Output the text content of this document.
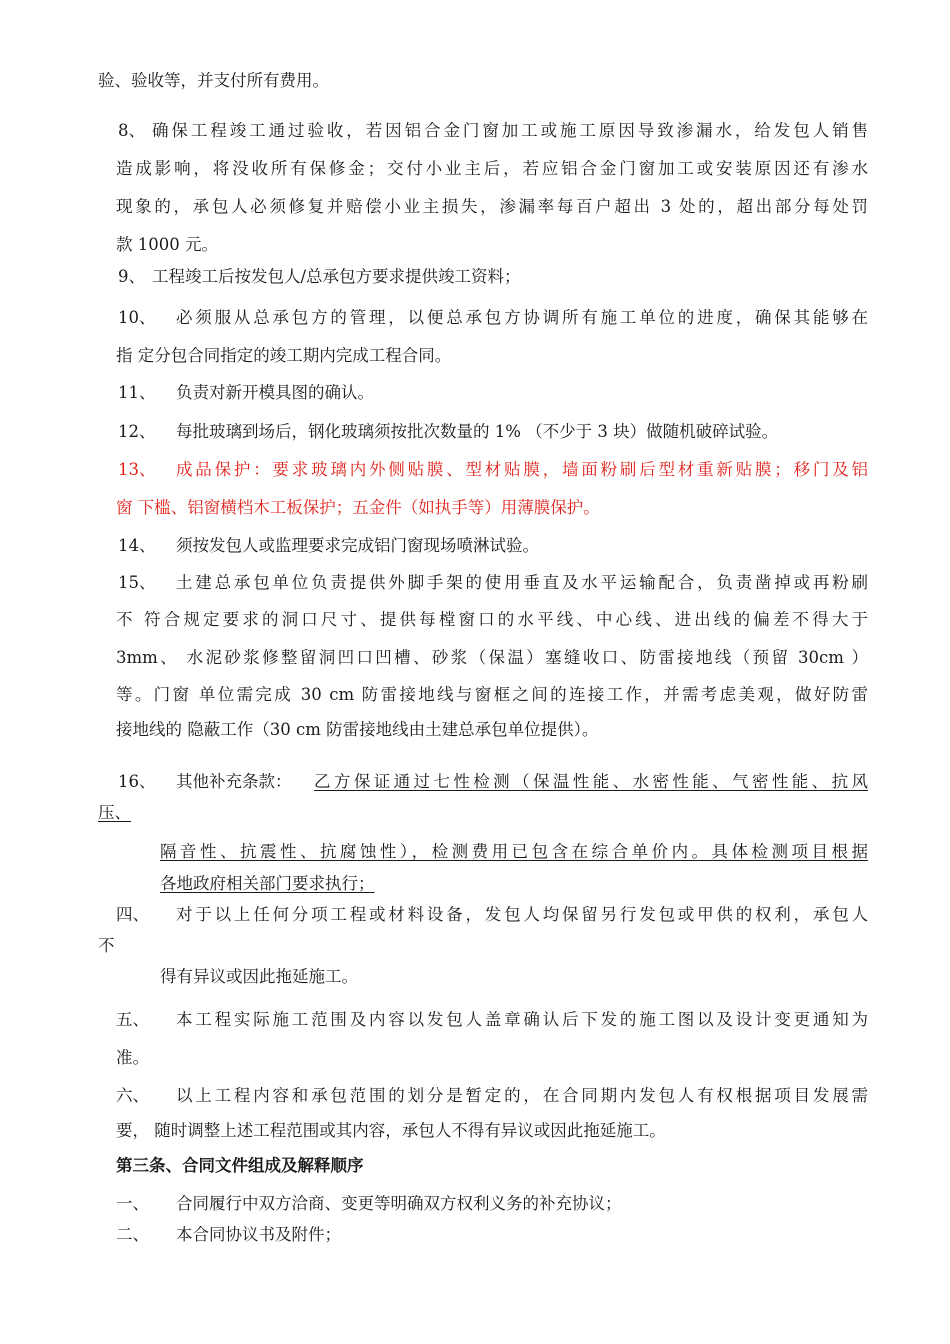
验、验收等，并支付所有费用。
8、 确保工程竣工通过验收，若因铝合金门窗加工或施工原因导致渗漏水，给发包人销售
造成影响，将没收所有保修金；交付小业主后，若应铝合金门窗加工或安装原因还有渗水
现象的，承包人必须修复并赔偿小业主损失，渗漏率每百户超出 3 处的，超出部分每处罚
款 1000 元。
9、 工程竣工后按发包人/总承包方要求提供竣工资料；
10、 必须服从总承包方的管理，以便总承包方协调所有施工单位的进度，确保其能够在
指 定分包合同指定的竣工期内完成工程合同。
11、 负责对新开模具图的确认。
12、 每批玻璃到场后，钢化玻璃须按批次数量的 1% （不少于 3 块）做随机破碎试验。
13、 成品保护：要求玻璃内外侧贴膜、型材贴膜，墙面粉刷后型材重新贴膜；移门及铝
窗 下槛、铝窗横档木工板保护；五金件（如执手等）用薄膜保护。
14、 须按发包人或监理要求完成铝门窗现场喷淋试验。
15、 土建总承包单位负责提供外脚手架的使用垂直及水平运输配合，负责凿掉或再粉刷
不 符合规定要求的洞口尺寸、提供每樘窗口的水平线、中心线、进出线的偏差不得大于
3mm、 水泥砂浆修整留洞凹口凹槽、砂浆（保温）塞缝收口、防雷接地线（预留 30cm ）
等。门窗 单位需完成 30 cm 防雷接地线与窗框之间的连接工作，并需考虑美观，做好防雷
接地线的 隐蔽工作（30 cm 防雷接地线由土建总承包单位提供）。
16、 其他补充条款： 乙方保证通过七性检测（保温性能、水密性能、气密性能、抗风
压、
隔音性、抗震性、抗腐蚀性），检测费用已包含在综合单价内。具体检测项目根据
各地政府相关部门要求执行；
四、 对于以上任何分项工程或材料设备，发包人均保留另行发包或甲供的权利，承包人
不
得有异议或因此拖延施工。
五、 本工程实际施工范围及内容以发包人盖章确认后下发的施工图以及设计变更通知为
准。
六、 以上工程内容和承包范围的划分是暂定的，在合同期内发包人有权根据项目发展需
要， 随时调整上述工程范围或其内容，承包人不得有异议或因此拖延施工。
第三条、合同文件组成及解释顺序
一、 合同履行中双方洽商、变更等明确双方权利义务的补充协议；
二、 本合同协议书及附件；
